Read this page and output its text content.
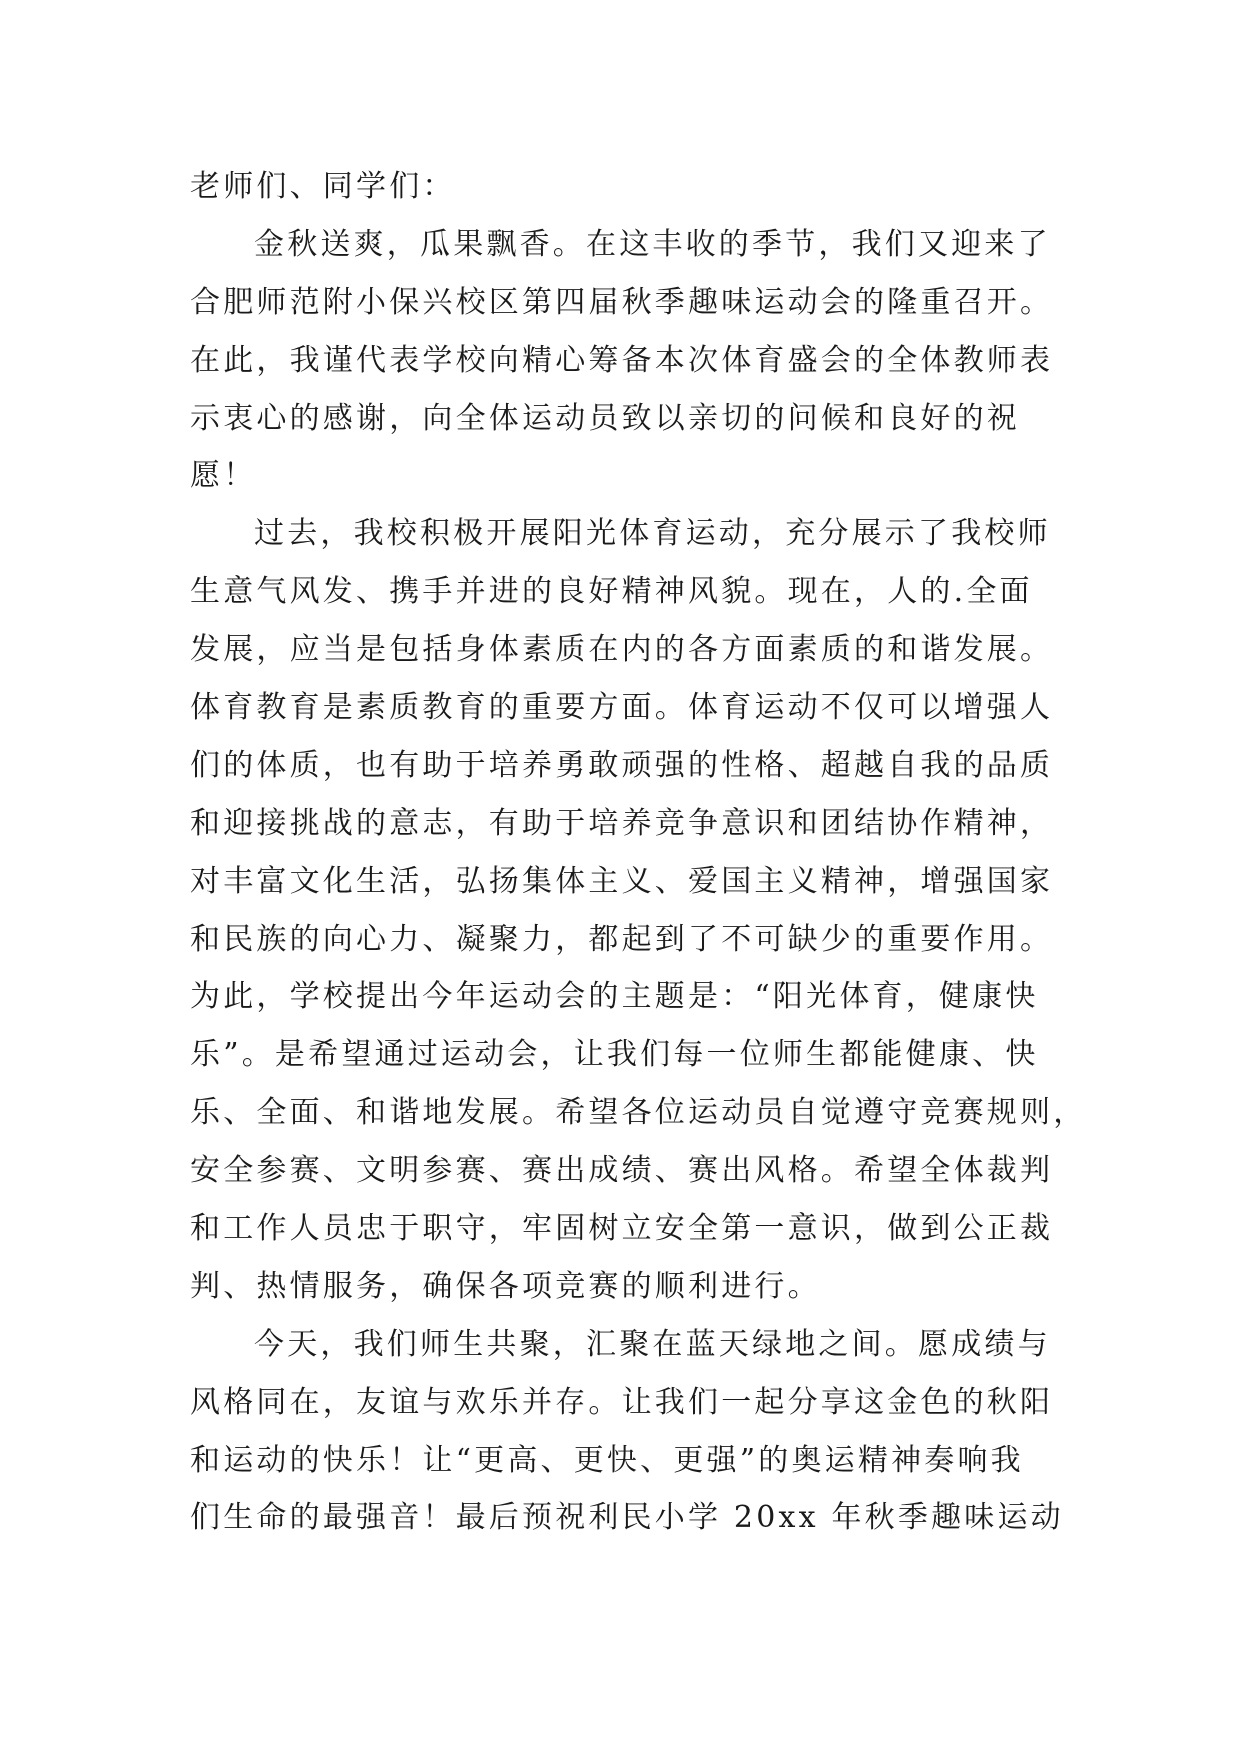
老师们、同学们：
金秋送爽，瓜果飘香。在这丰收的季节，我们又迎来了
合肥师范附小保兴校区第四届秋季趣味运动会的隆重召开。
在此，我谨代表学校向精心筹备本次体育盛会的全体教师表
示衷心的感谢，向全体运动员致以亲切的问候和良好的祝
愿！
过去，我校积极开展阳光体育运动，充分展示了我校师
生意气风发、携手并进的良好精神风貌。现在，人的.全面
发展，应当是包括身体素质在内的各方面素质的和谐发展。
体育教育是素质教育的重要方面。体育运动不仅可以增强人
们的体质，也有助于培养勇敢顽强的性格、超越自我的品质
和迎接挑战的意志，有助于培养竞争意识和团结协作精神，
对丰富文化生活，弘扬集体主义、爱国主义精神，增强国家
和民族的向心力、凝聚力，都起到了不可缺少的重要作用。
为此，学校提出今年运动会的主题是：“阳光体育，健康快
乐”。是希望通过运动会，让我们每一位师生都能健康、快
乐、全面、和谐地发展。希望各位运动员自觉遵守竞赛规则，
安全参赛、文明参赛、赛出成绩、赛出风格。希望全体裁判
和工作人员忠于职守，牢固树立安全第一意识，做到公正裁
判、热情服务，确保各项竞赛的顺利进行。
今天，我们师生共聚，汇聚在蓝天绿地之间。愿成绩与
风格同在，友谊与欢乐并存。让我们一起分享这金色的秋阳
和运动的快乐！让“更高、更快、更强”的奥运精神奏响我
们生命的最强音！最后预祝利民小学 20xx 年秋季趣味运动
